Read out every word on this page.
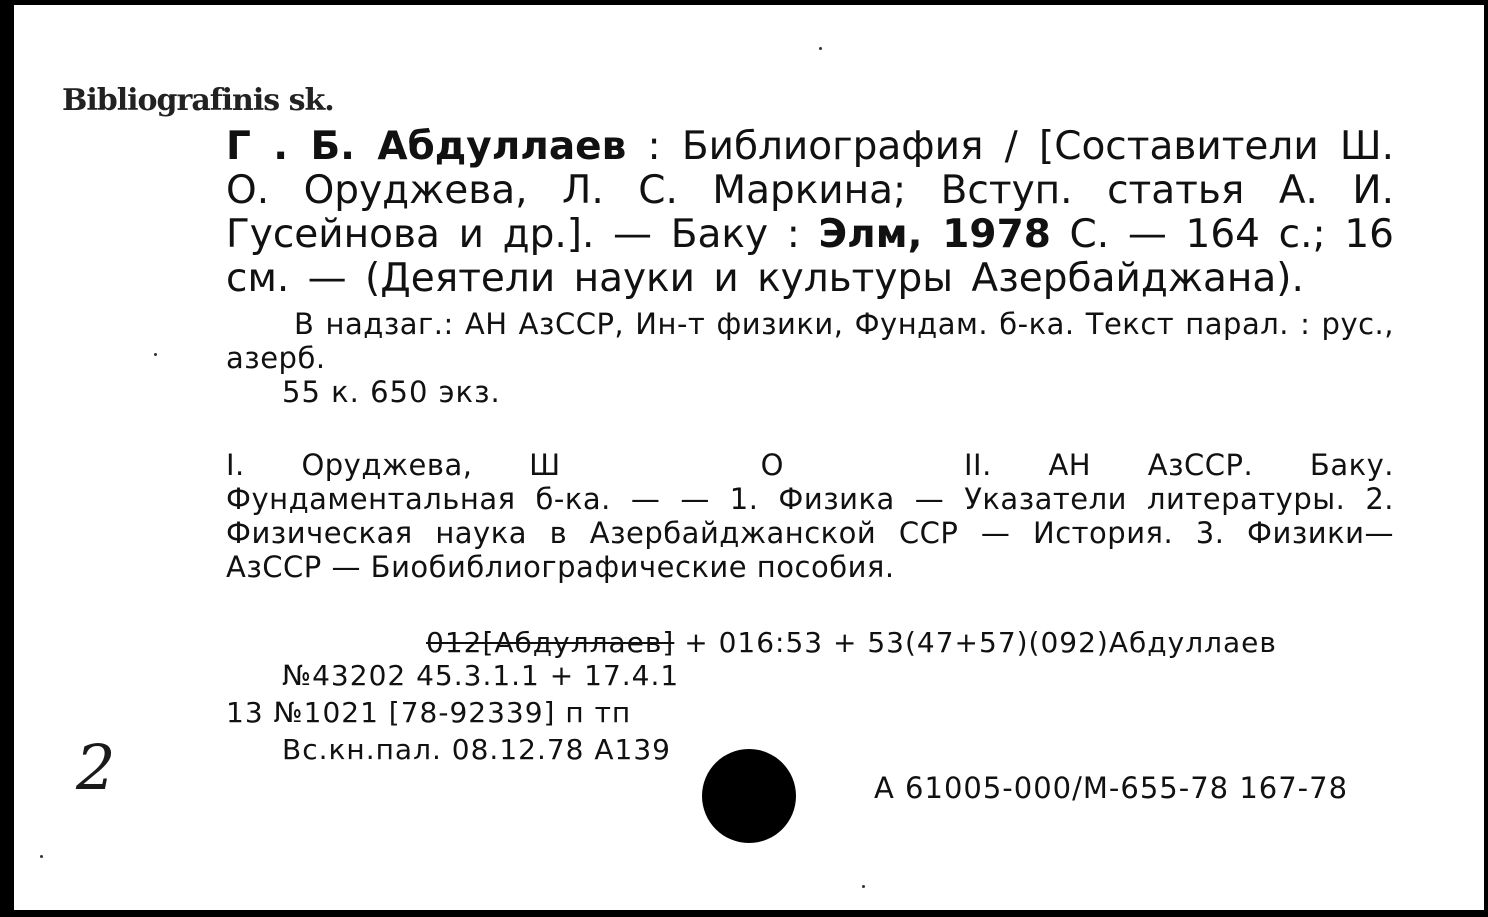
Bibliografinis sk.
Г . Б. Абдуллаев : Библиография / [Составители Ш. О. Оруджева, Л. С. Маркина; Вступ. статья А. И. Гусейнова и др.]. — Баку : Элм, 1978 С. — 164 с.; 16 см. — (Деятели науки и культуры Азербайджана).
В надзаг.: АН АзССР, Ин-т физики, Фундам. б-ка. Текст парал. : рус., азерб.
55 к. 650 экз.
I. Оруджева, Ш	О	II. АН АзССР. Баку. Фундаментальная б-ка. — — 1. Физика — Указатели литературы. 2. Физическая наука в Азербайджанской ССР — История. 3. Физики— АзССР — Биобиблиографические пособия.
012[Абдуллаев] + 016:53 + 53(47+57)(092)Абдуллаев
№43202 45.3.1.1 + 17.4.1
13 №1021 [78-92339] п тп
Вс.кн.пал. 08.12.78 А139
2	А 61005-000/М-655-78 167-78
